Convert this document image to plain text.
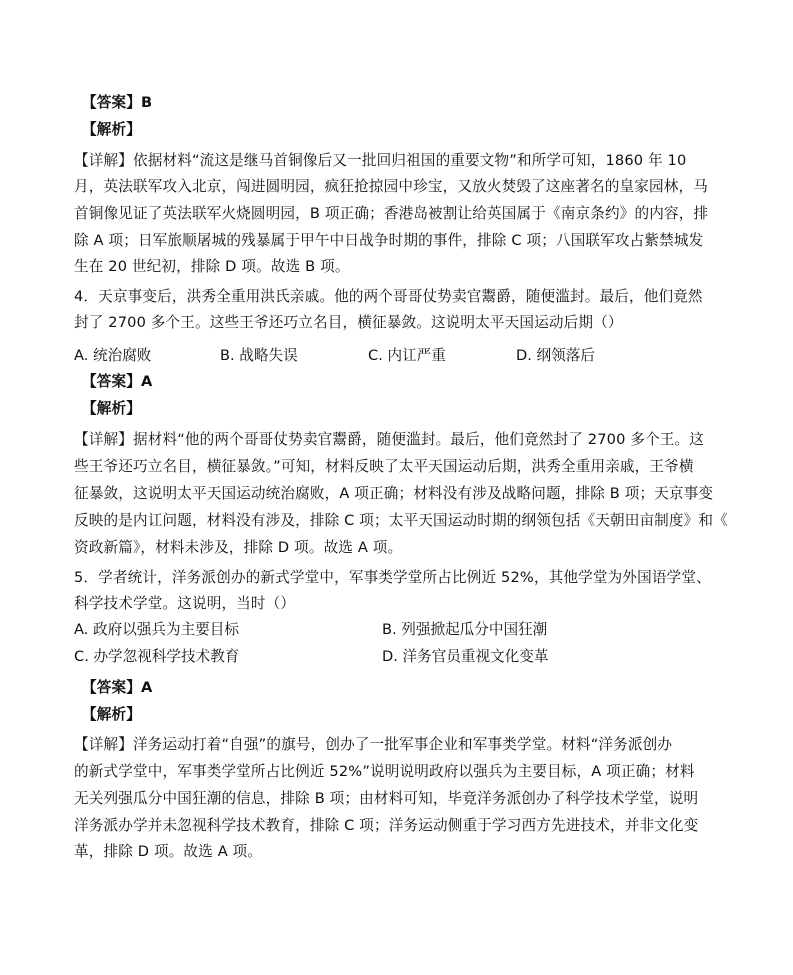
【答案】B
【解析】
【详解】依据材料“流这是继马首铜像后又一批回归祖国的重要文物”和所学可知，1860 年 10
月，英法联军攻入北京，闯进圆明园，疯狂抢掠园中珍宝，又放火焚毁了这座著名的皇家园林，马
首铜像见证了英法联军火烧圆明园，B 项正确；香港岛被割让给英国属于《南京条约》的内容，排
除 A 项；日军旅顺屠城的残暴属于甲午中日战争时期的事件，排除 C 项；八国联军攻占紫禁城发
生在 20 世纪初，排除 D 项。故选 B 项。
4．天京事变后，洪秀全重用洪氏亲戚。他的两个哥哥仗势卖官鬻爵，随便滥封。最后，他们竟然
封了 2700 多个王。这些王爷还巧立名目，横征暴敛。这说明太平天国运动后期（）
A. 统治腐败	B. 战略失误	C. 内讧严重	D. 纲领落后
【答案】A
【解析】
【详解】据材料“他的两个哥哥仗势卖官鬻爵，随便滥封。最后，他们竟然封了 2700 多个王。这
些王爷还巧立名目，横征暴敛。”可知，材料反映了太平天国运动后期，洪秀全重用亲戚，王爷横
征暴敛，这说明太平天国运动统治腐败，A 项正确；材料没有涉及战略问题，排除 B 项；天京事变
反映的是内讧问题，材料没有涉及，排除 C 项；太平天国运动时期的纲领包括《天朝田亩制度》和《
资政新篇》，材料未涉及，排除 D 项。故选 A 项。
5．学者统计，洋务派创办的新式学堂中，军事类学堂所占比例近 52%，其他学堂为外国语学堂、
科学技术学堂。这说明，当时（）
A. 政府以强兵为主要目标	B. 列强掀起瓜分中国狂潮
C. 办学忽视科学技术教育	D. 洋务官员重视文化变革
【答案】A
【解析】
【详解】洋务运动打着“自强”的旗号，创办了一批军事企业和军事类学堂。材料“洋务派创办
的新式学堂中，军事类学堂所占比例近 52%”说明说明政府以强兵为主要目标，A 项正确；材料
无关列强瓜分中国狂潮的信息，排除 B 项；由材料可知，毕竟洋务派创办了科学技术学堂，说明
洋务派办学并未忽视科学技术教育，排除 C 项；洋务运动侧重于学习西方先进技术，并非文化变
革，排除 D 项。故选 A 项。
